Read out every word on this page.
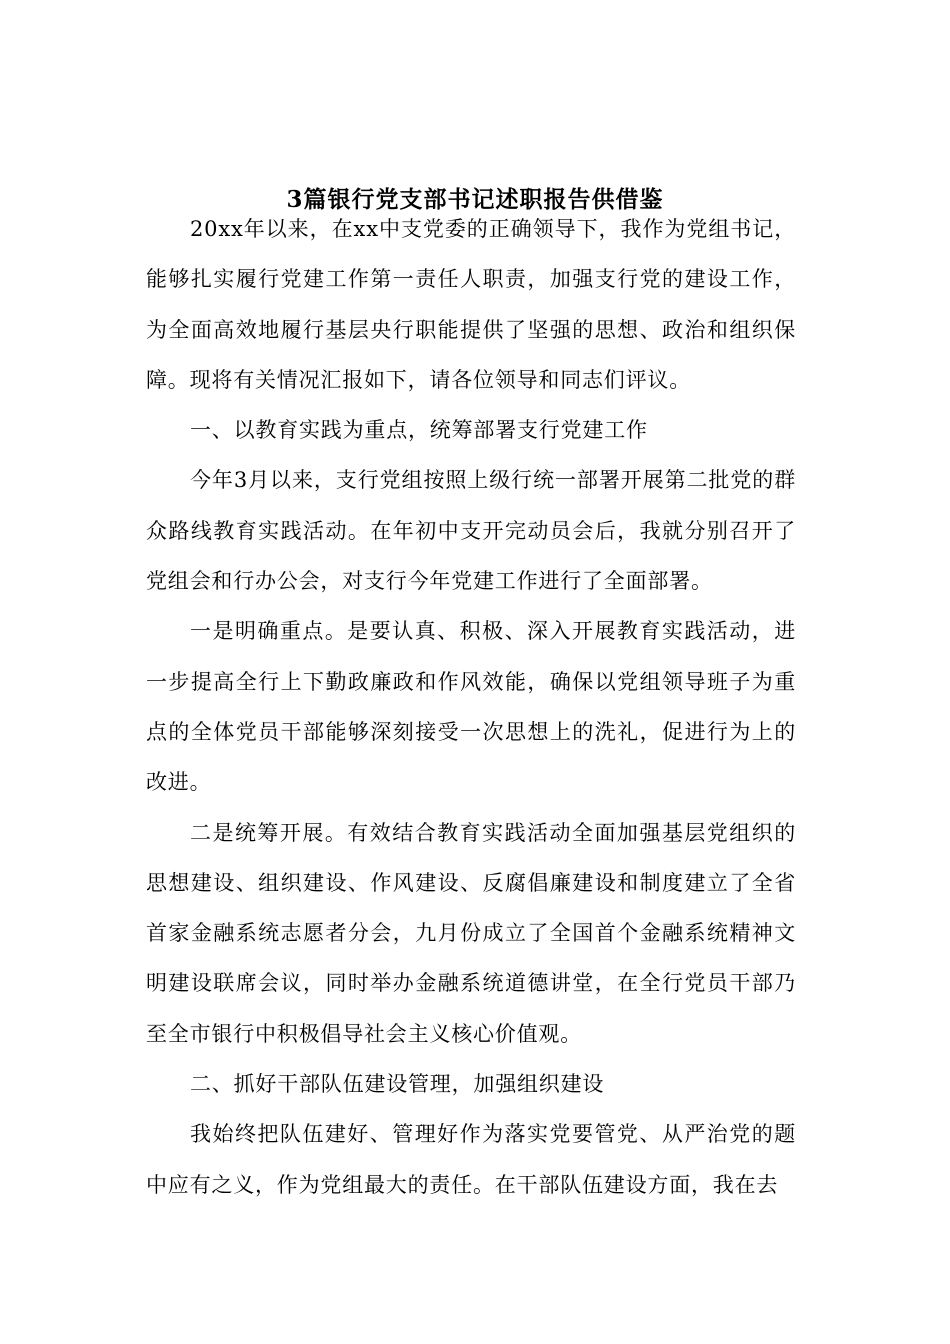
3篇银行党支部书记述职报告供借鉴

20xx年以来，在xx中支党委的正确领导下，我作为党组书记，能够扎实履行党建工作第一责任人职责，加强支行党的建设工作，为全面高效地履行基层央行职能提供了坚强的思想、政治和组织保障。现将有关情况汇报如下，请各位领导和同志们评议。

一、以教育实践为重点，统筹部署支行党建工作

今年3月以来，支行党组按照上级行统一部署开展第二批党的群众路线教育实践活动。在年初中支开完动员会后，我就分别召开了党组会和行办公会，对支行今年党建工作进行了全面部署。

一是明确重点。是要认真、积极、深入开展教育实践活动，进一步提高全行上下勤政廉政和作风效能，确保以党组领导班子为重点的全体党员干部能够深刻接受一次思想上的洗礼，促进行为上的改进。

二是统筹开展。有效结合教育实践活动全面加强基层党组织的思想建设、组织建设、作风建设、反腐倡廉建设和制度建立了全省首家金融系统志愿者分会，九月份成立了全国首个金融系统精神文明建设联席会议，同时举办金融系统道德讲堂，在全行党员干部乃至全市银行中积极倡导社会主义核心价值观。

二、抓好干部队伍建设管理，加强组织建设

我始终把队伍建好、管理好作为落实党要管党、从严治党的题中应有之义，作为党组最大的责任。在干部队伍建设方面，我在去
